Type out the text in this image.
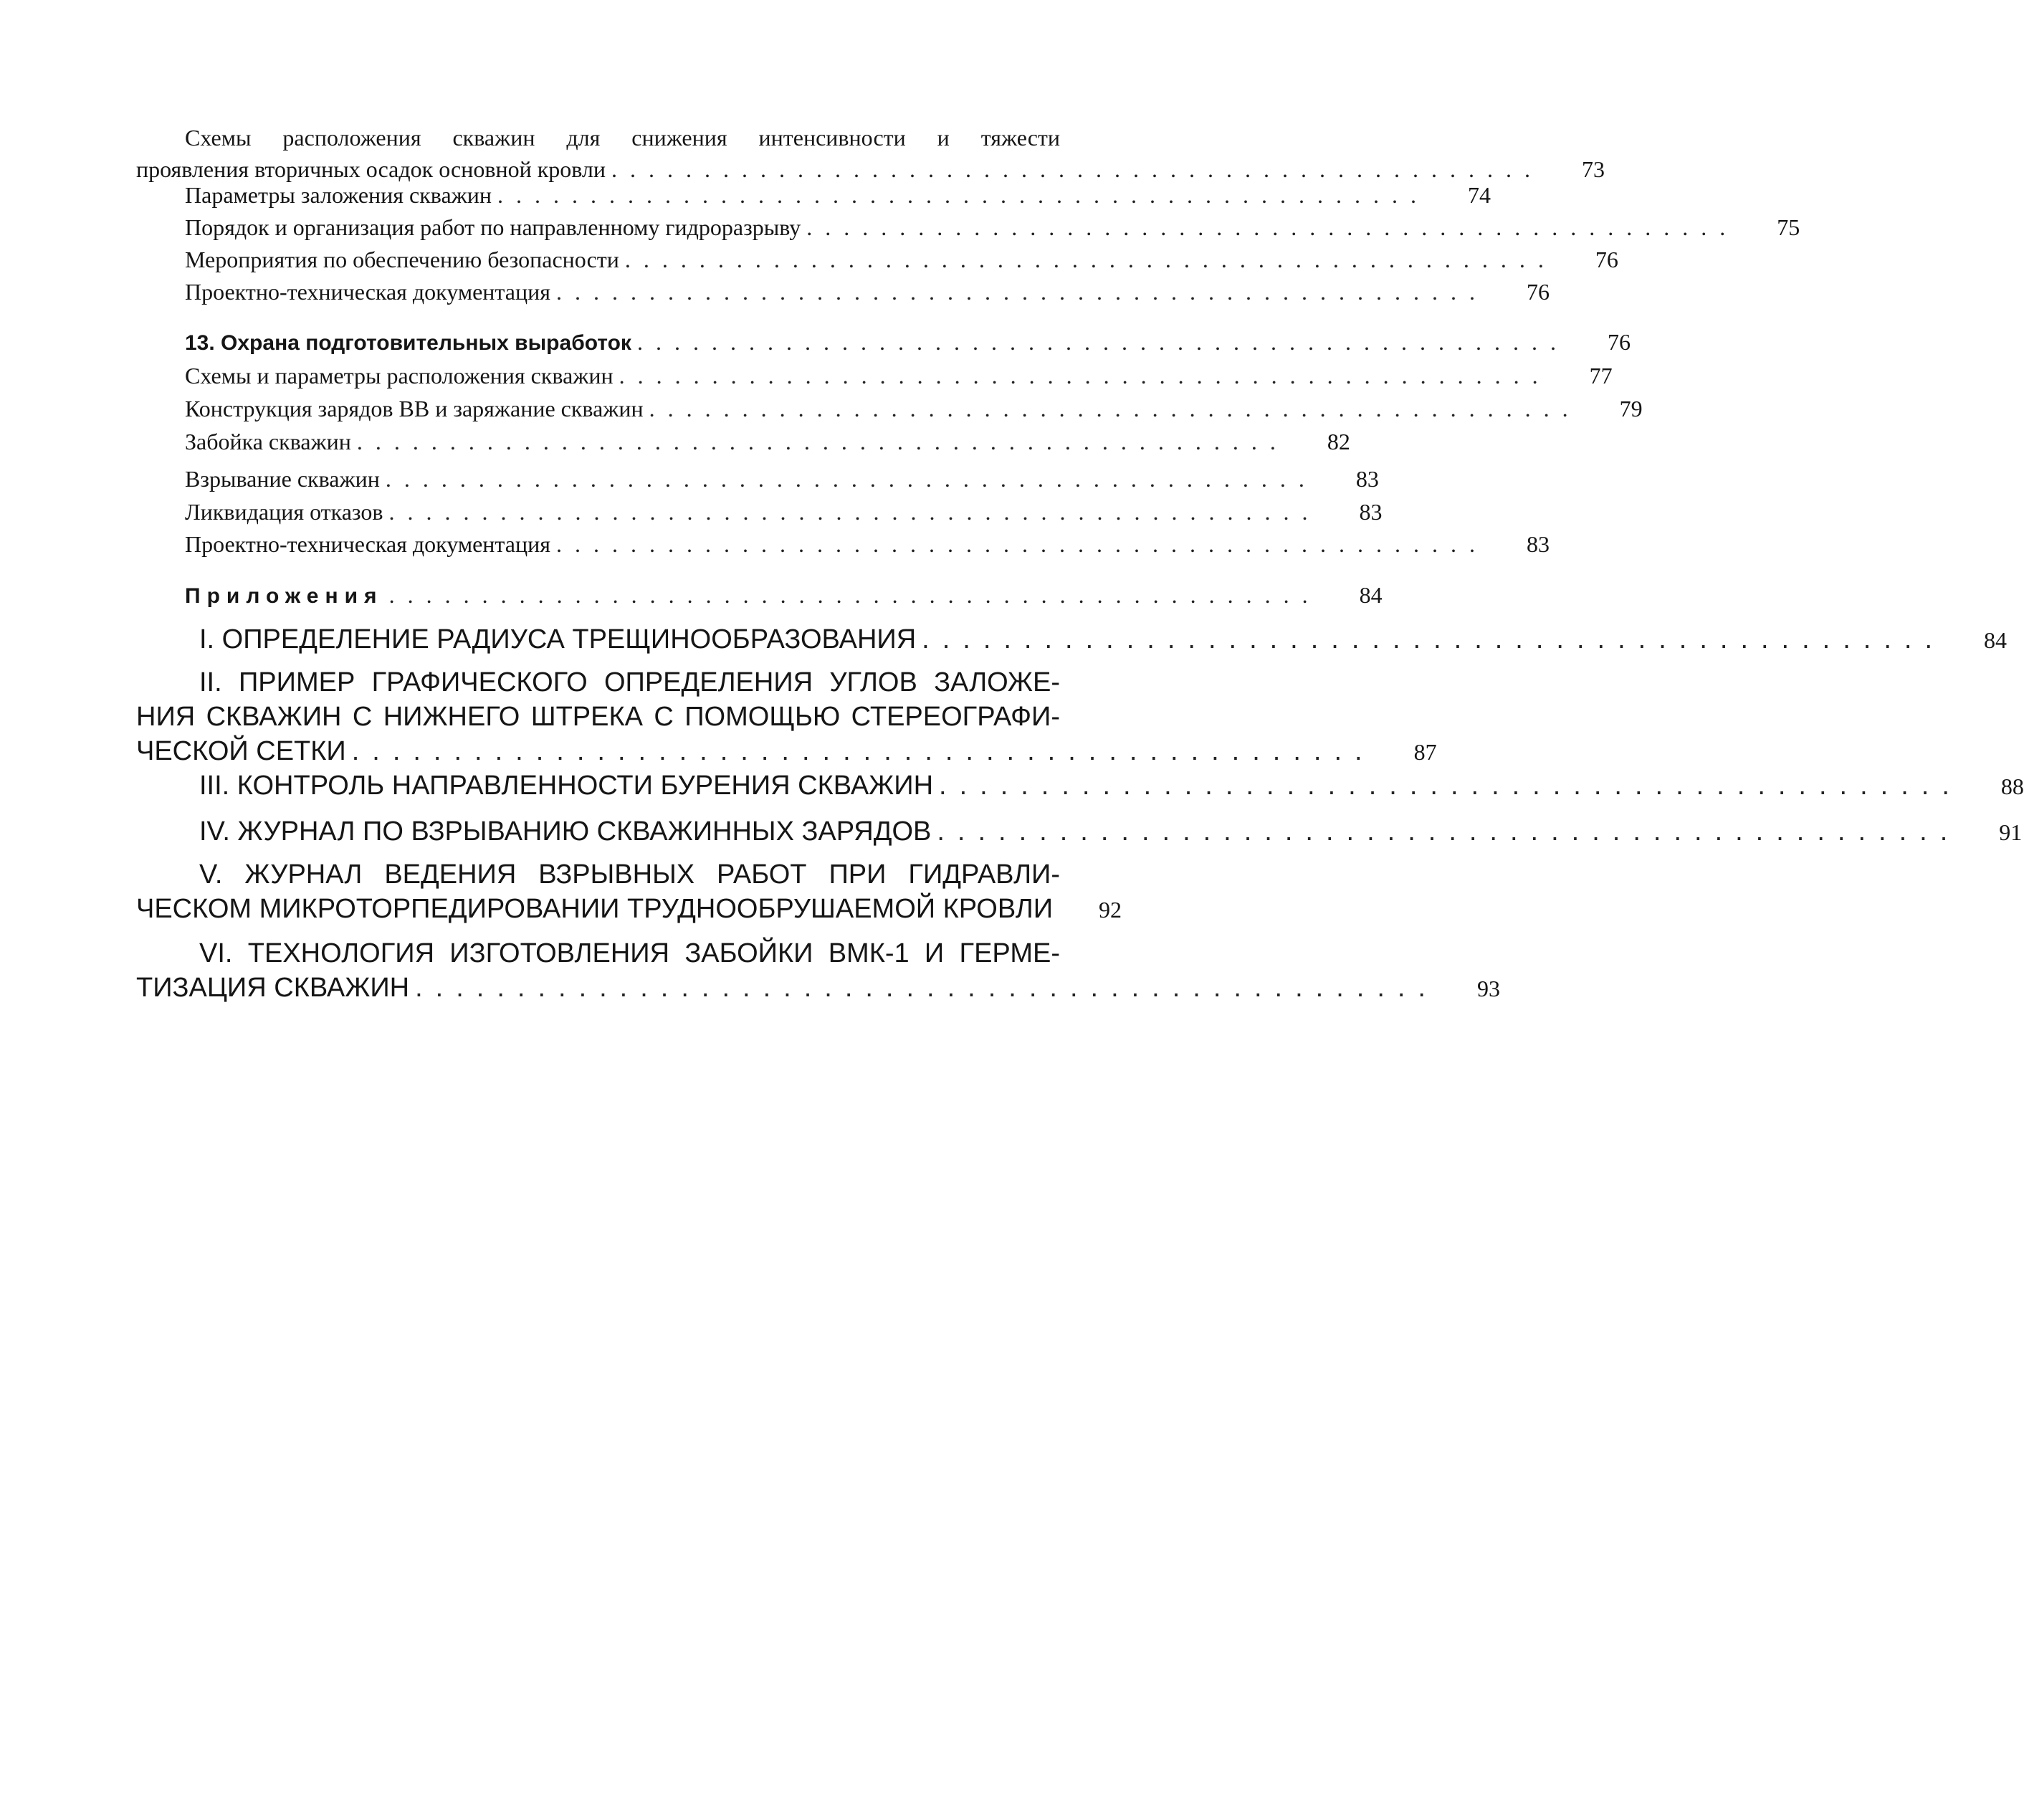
Схемы расположения скважин для снижения интенсивности и тяжести
проявления вторичных осадок основной кровли ..................................................	73
Параметры заложения скважин ..................................................	74
Порядок и организация работ по направленному гидроразрыву ..................................................	75
Мероприятия по обеспечению безопасности ..................................................	76
Проектно-техническая документация ..................................................	76
13. Охрана подготовительных выработок ..................................................	76
Схемы и параметры расположения скважин ..................................................	77
Конструкция зарядов ВВ и заряжание скважин ..................................................	79
Забойка скважин ..................................................	82
Взрывание скважин ..................................................	83
Ликвидация отказов ..................................................	83
Проектно-техническая документация ..................................................	83
Приложения ..................................................	84
I. ОПРЕДЕЛЕНИЕ РАДИУСА ТРЕЩИНООБРАЗОВАНИЯ ..................................................	84
II. ПРИМЕР ГРАФИЧЕСКОГО ОПРЕДЕЛЕНИЯ УГЛОВ ЗАЛОЖЕ-
НИЯ СКВАЖИН С НИЖНЕГО ШТРЕКА С ПОМОЩЬЮ СТЕРЕОГРАФИ-
ЧЕСКОЙ СЕТКИ ..................................................	87
III. КОНТРОЛЬ НАПРАВЛЕННОСТИ БУРЕНИЯ СКВАЖИН ..................................................	88
IV. ЖУРНАЛ ПО ВЗРЫВАНИЮ СКВАЖИННЫХ ЗАРЯДОВ ..................................................	91
V. ЖУРНАЛ ВЕДЕНИЯ ВЗРЫВНЫХ РАБОТ ПРИ ГИДРАВЛИ-
ЧЕСКОМ МИКРОТОРПЕДИРОВАНИИ ТРУДНООБРУШАЕМОЙ КРОВЛИ	92
VI. ТЕХНОЛОГИЯ ИЗГОТОВЛЕНИЯ ЗАБОЙКИ ВМК-1 И ГЕРМЕ-
ТИЗАЦИЯ СКВАЖИН ..................................................	93
